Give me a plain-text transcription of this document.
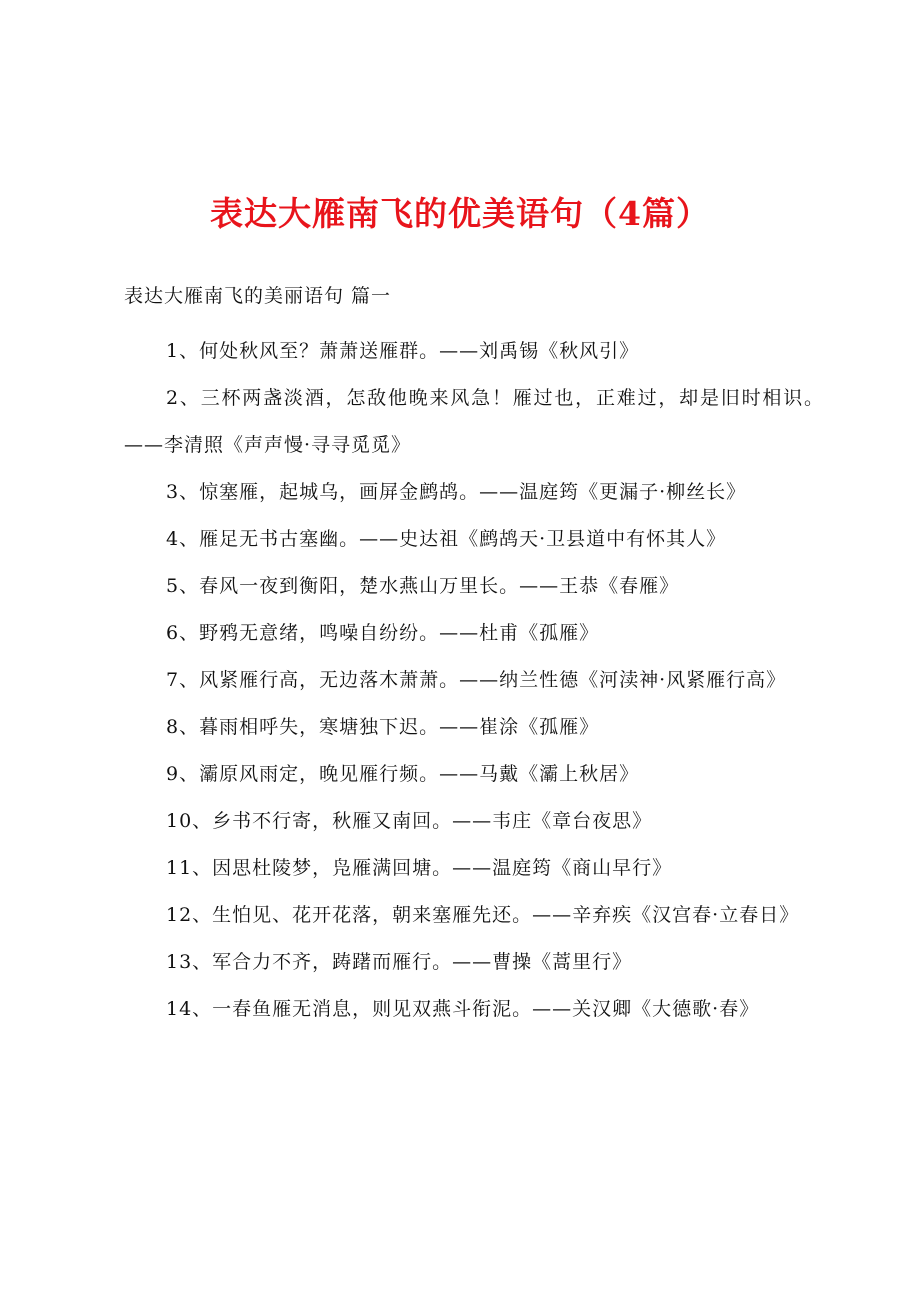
表达大雁南飞的优美语句（4篇）
表达大雁南飞的美丽语句 篇一

1、何处秋风至？萧萧送雁群。——刘禹锡《秋风引》

2、三杯两盏淡酒，怎敌他晚来风急！雁过也，正难过，却是旧时相识。——李清照《声声慢·寻寻觅觅》

3、惊塞雁，起城乌，画屏金鹧鸪。——温庭筠《更漏子·柳丝长》

4、雁足无书古塞幽。——史达祖《鹧鸪天·卫县道中有怀其人》

5、春风一夜到衡阳，楚水燕山万里长。——王恭《春雁》

6、野鸦无意绪，鸣噪自纷纷。——杜甫《孤雁》

7、风紧雁行高，无边落木萧萧。——纳兰性德《河渎神·风紧雁行高》

8、暮雨相呼失，寒塘独下迟。——崔涂《孤雁》

9、灞原风雨定，晚见雁行频。——马戴《灞上秋居》

10、乡书不行寄，秋雁又南回。——韦庄《章台夜思》

11、因思杜陵梦，凫雁满回塘。——温庭筠《商山早行》

12、生怕见、花开花落，朝来塞雁先还。——辛弃疾《汉宫春·立春日》

13、军合力不齐，踌躇而雁行。——曹操《蒿里行》

14、一春鱼雁无消息，则见双燕斗衔泥。——关汉卿《大德歌·春》
